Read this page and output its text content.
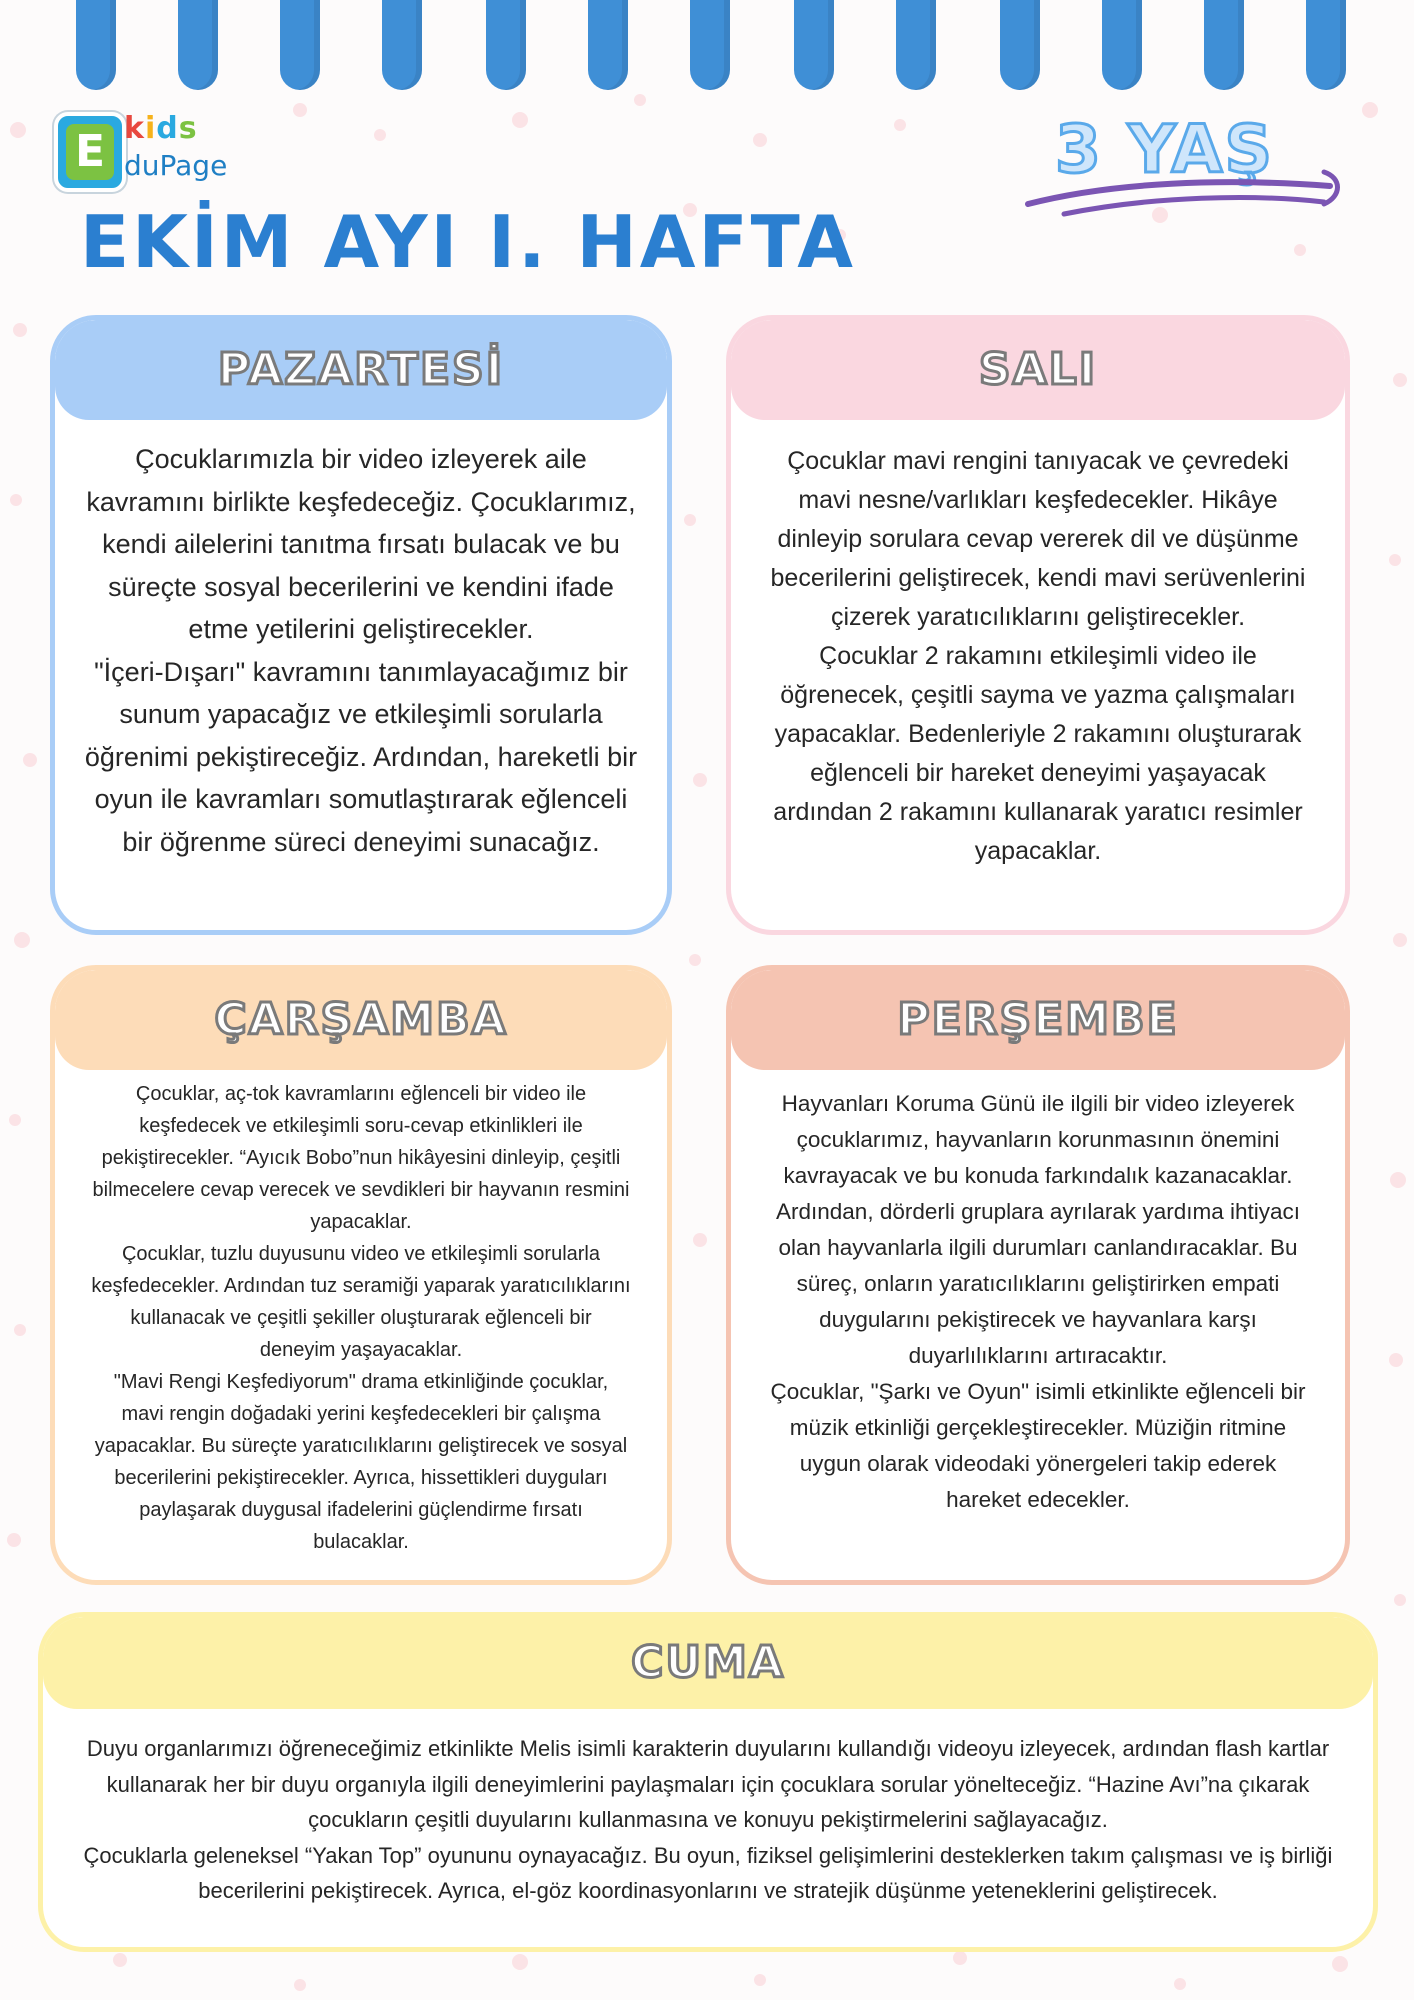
E kids
duPage
EKİM AYI I. HAFTA
3 YAŞ
PAZARTESİ

Çocuklarımızla bir video izleyerek aile kavramını birlikte keşfedeceğiz. Çocuklarımız, kendi ailelerini tanıtma fırsatı bulacak ve bu süreçte sosyal becerilerini ve kendini ifade etme yetilerini geliştirecekler.

"İçeri-Dışarı" kavramını tanımlayacağımız bir sunum yapacağız ve etkileşimli sorularla öğrenimi pekiştireceğiz. Ardından, hareketli bir oyun ile kavramları somutlaştırarak eğlenceli bir öğrenme süreci deneyimi sunacağız.

SALI

Çocuklar mavi rengini tanıyacak ve çevredeki mavi nesne/varlıkları keşfedecekler. Hikâye dinleyip sorulara cevap vererek dil ve düşünme becerilerini geliştirecek, kendi mavi serüvenlerini çizerek yaratıcılıklarını geliştirecekler.

Çocuklar 2 rakamını etkileşimli video ile öğrenecek, çeşitli sayma ve yazma çalışmaları yapacaklar. Bedenleriyle 2 rakamını oluşturarak eğlenceli bir hareket deneyimi yaşayacak ardından 2 rakamını kullanarak yaratıcı resimler yapacaklar.

ÇARŞAMBA

Çocuklar, aç-tok kavramlarını eğlenceli bir video ile keşfedecek ve etkileşimli soru-cevap etkinlikleri ile pekiştirecekler. “Ayıcık Bobo”nun hikâyesini dinleyip, çeşitli bilmecelere cevap verecek ve sevdikleri bir hayvanın resmini yapacaklar.

Çocuklar, tuzlu duyusunu video ve etkileşimli sorularla keşfedecekler. Ardından tuz seramiği yaparak yaratıcılıklarını kullanacak ve çeşitli şekiller oluşturarak eğlenceli bir deneyim yaşayacaklar.

"Mavi Rengi Keşfediyorum" drama etkinliğinde çocuklar, mavi rengin doğadaki yerini keşfedecekleri bir çalışma yapacaklar. Bu süreçte yaratıcılıklarını geliştirecek ve sosyal becerilerini pekiştirecekler. Ayrıca, hissettikleri duyguları paylaşarak duygusal ifadelerini güçlendirme fırsatı bulacaklar.

PERŞEMBE

Hayvanları Koruma Günü ile ilgili bir video izleyerek çocuklarımız, hayvanların korunmasının önemini kavrayacak ve bu konuda farkındalık kazanacaklar. Ardından, dörderli gruplara ayrılarak yardıma ihtiyacı olan hayvanlarla ilgili durumları canlandıracaklar. Bu süreç, onların yaratıcılıklarını geliştirirken empati duygularını pekiştirecek ve hayvanlara karşı duyarlılıklarını artıracaktır.

Çocuklar, "Şarkı ve Oyun" isimli etkinlikte eğlenceli bir müzik etkinliği gerçekleştirecekler. Müziğin ritmine uygun olarak videodaki yönergeleri takip ederek hareket edecekler.

CUMA

Duyu organlarımızı öğreneceğimiz etkinlikte Melis isimli karakterin duyularını kullandığı videoyu izleyecek, ardından flash kartlar kullanarak her bir duyu organıyla ilgili deneyimlerini paylaşmaları için çocuklara sorular yönelteceğiz. “Hazine Avı”na çıkarak çocukların çeşitli duyularını kullanmasına ve konuyu pekiştirmelerini sağlayacağız.

Çocuklarla geleneksel “Yakan Top” oyununu oynayacağız. Bu oyun, fiziksel gelişimlerini desteklerken takım çalışması ve iş birliği becerilerini pekiştirecek. Ayrıca, el-göz koordinasyonlarını ve stratejik düşünme yeteneklerini geliştirecek.
